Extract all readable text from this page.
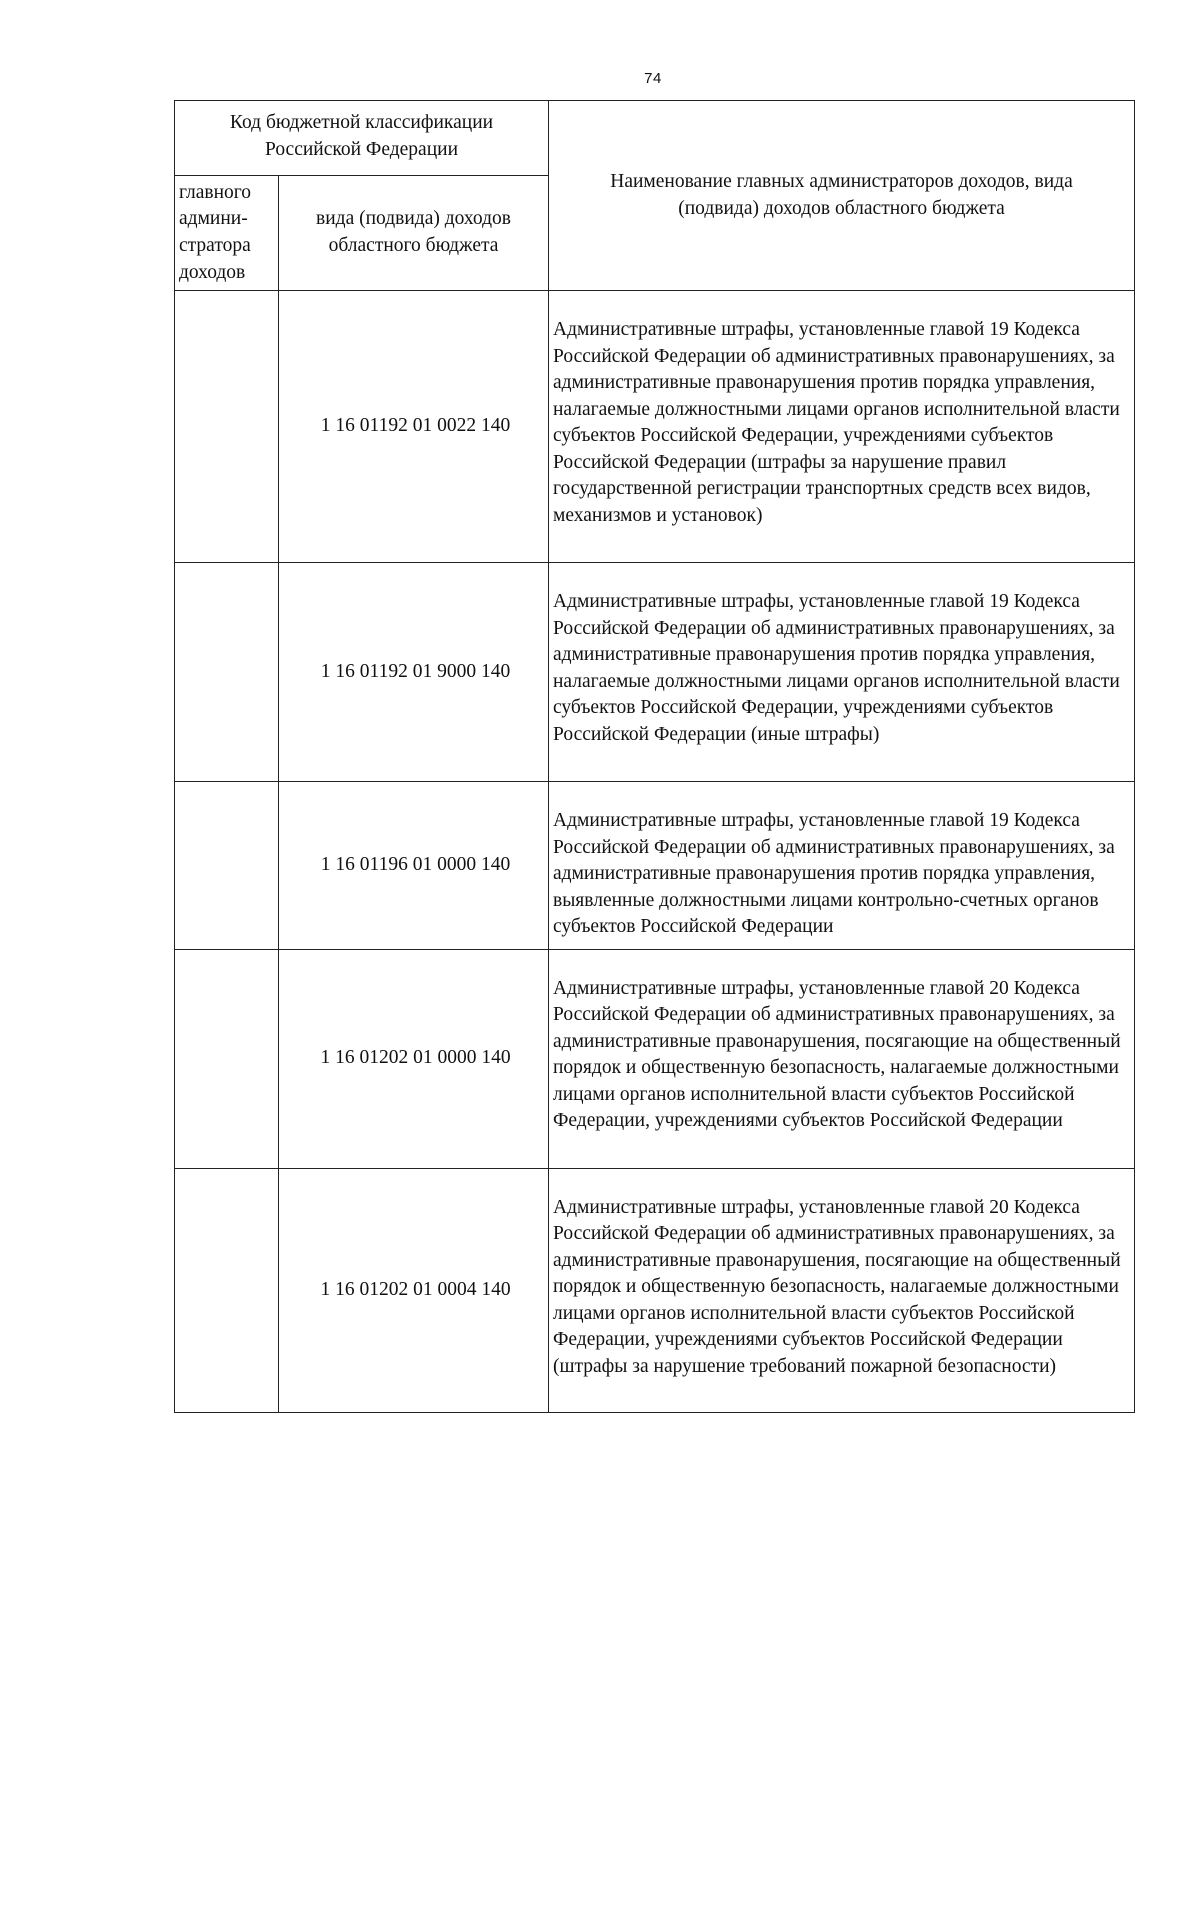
74
Код бюджетной классификации Российской Федерации		Наименование главных администраторов доходов, вида (подвида) доходов областного бюджета
главного админи-стратора доходов	вида (подвида) доходов областного бюджета	
	1 16 01192 01 0022 140	Административные штрафы, установленные главой 19 Кодекса Российской Федерации об административных правонарушениях, за административные правонарушения против порядка управления, налагаемые должностными лицами органов исполнительной власти субъектов Российской Федерации, учреждениями субъектов Российской Федерации (штрафы за нарушение правил государственной регистрации транспортных средств всех видов, механизмов и установок)
	1 16 01192 01 9000 140	Административные штрафы, установленные главой 19 Кодекса Российской Федерации об административных правонарушениях, за административные правонарушения против порядка управления, налагаемые должностными лицами органов исполнительной власти субъектов Российской Федерации, учреждениями субъектов Российской Федерации (иные штрафы)
	1 16 01196 01 0000 140	Административные штрафы, установленные главой 19 Кодекса Российской Федерации об административных правонарушениях, за административные правонарушения против порядка управления, выявленные должностными лицами контрольно-счетных органов субъектов Российской Федерации
	1 16 01202 01 0000 140	Административные штрафы, установленные главой 20 Кодекса Российской Федерации об административных правонарушениях, за административные правонарушения, посягающие на общественный порядок и общественную безопасность, налагаемые должностными лицами органов исполнительной власти субъектов Российской Федерации, учреждениями субъектов Российской Федерации
	1 16 01202 01 0004 140	Административные штрафы, установленные главой 20 Кодекса Российской Федерации об административных правонарушениях, за административные правонарушения, посягающие на общественный порядок и общественную безопасность, налагаемые должностными лицами органов исполнительной власти субъектов Российской Федерации, учреждениями субъектов Российской Федерации (штрафы за нарушение требований пожарной безопасности)
